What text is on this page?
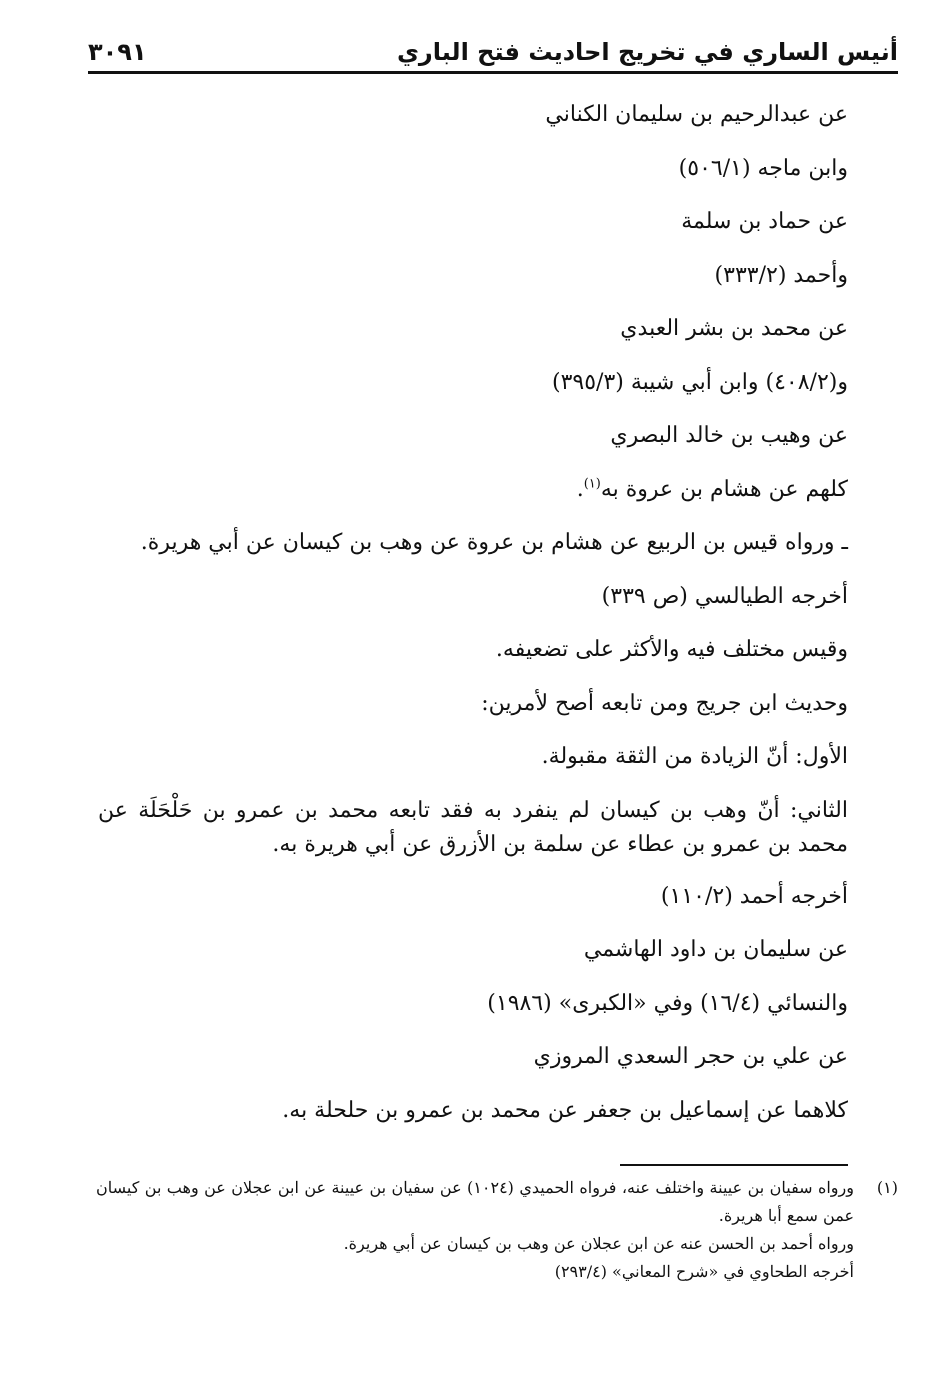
أنيس الساري في تخريج احاديث فتح الباري
٣٠٩١

عن عبدالرحيم بن سليمان الكناني

وابن ماجه (٥٠٦/١)

عن حماد بن سلمة

وأحمد (٣٣٣/٢)

عن محمد بن بشر العبدي

و(٤٠٨/٢) وابن أبي شيبة (٣٩٥/٣)

عن وهيب بن خالد البصري

كلهم عن هشام بن عروة به$^{(١)}$.

ـ ورواه قيس بن الربيع عن هشام بن عروة عن وهب بن كيسان عن أبي هريرة.

أخرجه الطيالسي (ص ٣٣٩)

وقيس مختلف فيه والأكثر على تضعيفه.

وحديث ابن جريج ومن تابعه أصح لأمرين:

الأول: أنّ الزيادة من الثقة مقبولة.

الثاني: أنّ وهب بن كيسان لم ينفرد به فقد تابعه محمد بن عمرو بن حَلْحَلَة عن محمد بن عمرو بن عطاء عن سلمة بن الأزرق عن أبي هريرة به.

أخرجه أحمد (١١٠/٢)

عن سليمان بن داود الهاشمي

والنسائي (١٦/٤) وفي «الكبرى» (١٩٨٦)

عن علي بن حجر السعدي المروزي

كلاهما عن إسماعيل بن جعفر عن محمد بن عمرو بن حلحلة به.

(١)

ورواه سفيان بن عيينة واختلف عنه، فرواه الحميدي (١٠٢٤) عن سفيان بن عيينة عن ابن عجلان عن وهب بن كيسان عمن سمع أبا هريرة.

ورواه أحمد بن الحسن عنه عن ابن عجلان عن وهب بن كيسان عن أبي هريرة.

أخرجه الطحاوي في «شرح المعاني» (٢٩٣/٤)
